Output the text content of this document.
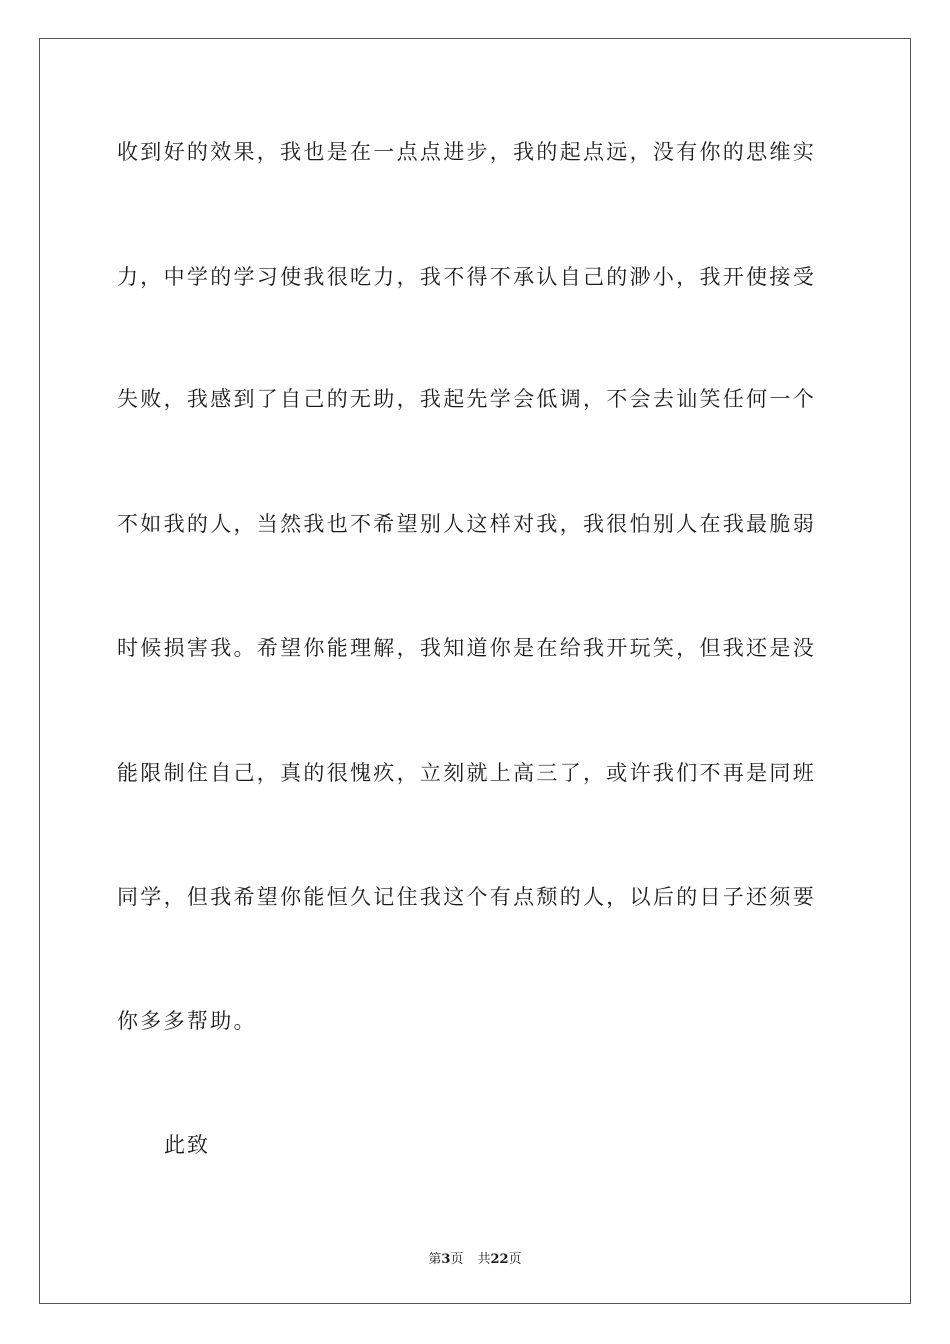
收到好的效果，我也是在一点点进步，我的起点远，没有你的思维实
力，中学的学习使我很吃力，我不得不承认自己的渺小，我开使接受
失败，我感到了自己的无助，我起先学会低调，不会去讪笑任何一个
不如我的人，当然我也不希望别人这样对我，我很怕别人在我最脆弱
时候损害我。希望你能理解，我知道你是在给我开玩笑，但我还是没
能限制住自己，真的很愧疚，立刻就上高三了，或许我们不再是同班
同学，但我希望你能恒久记住我这个有点颓的人，以后的日子还须要
你多多帮助。
此致
第3页 共22页
